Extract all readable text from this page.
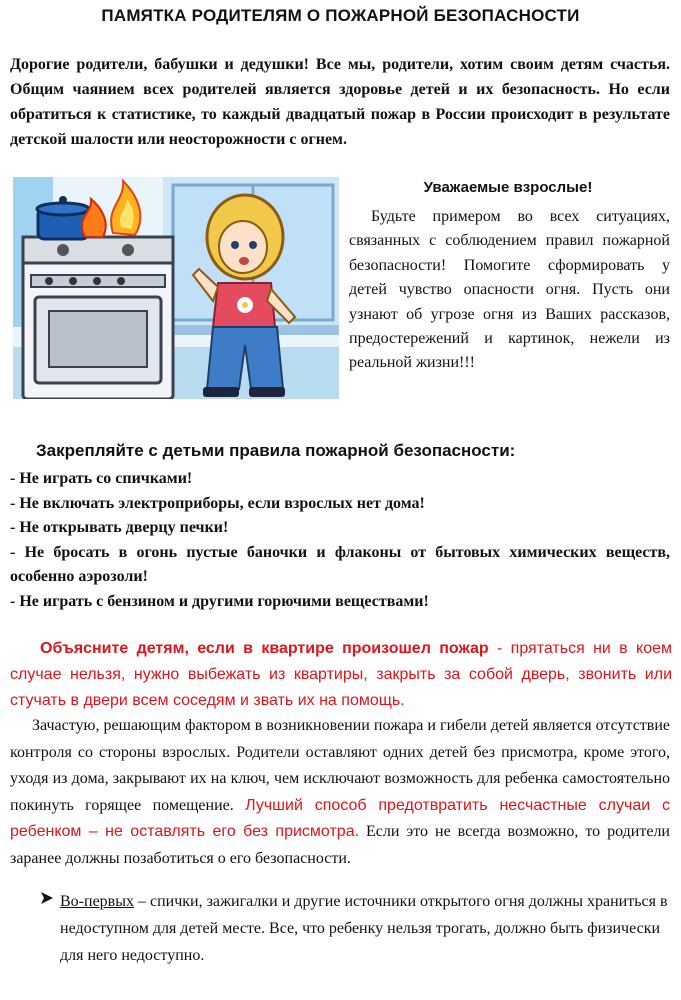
ПАМЯТКА РОДИТЕЛЯМ О ПОЖАРНОЙ БЕЗОПАСНОСТИ

Дорогие родители, бабушки и дедушки! Все мы, родители, хотим своим детям счастья. Общим чаянием всех родителей является здоровье детей и их безопасность. Но если обратиться к статистике, то каждый двадцатый пожар в России происходит в результате детской шалости или неосторожности с огнем.

Уважаемые взрослые!

Будьте примером во всех ситуациях, связанных с соблюдением правил пожарной безопасности! Помогите сформировать у детей чувство опасности огня. Пусть они узнают об угрозе огня из Ваших рассказов, предостережений и картинок, нежели из реальной жизни!!!

Закрепляйте с детьми правила пожарной безопасности:
- Не играть со спичками!
- Не включать электроприборы, если взрослых нет дома!
- Не открывать дверцу печки!
- Не бросать в огонь пустые баночки и флаконы от бытовых химических веществ, особенно аэрозоли!
- Не играть с бензином и другими горючими веществами!

Объясните детям, если в квартире произошел пожар - прятаться ни в коем случае нельзя, нужно выбежать из квартиры, закрыть за собой дверь, звонить или стучать в двери всем соседям и звать их на помощь.

Зачастую, решающим фактором в возникновении пожара и гибели детей является отсутствие контроля со стороны взрослых. Родители оставляют одних детей без присмотра, кроме этого, уходя из дома, закрывают их на ключ, чем исключают возможность для ребенка самостоятельно покинуть горящее помещение. Лучший способ предотвратить несчастные случаи с ребенком – не оставлять его без присмотра. Если это не всегда возможно, то родители заранее должны позаботиться о его безопасности.

Во-первых – спички, зажигалки и другие источники открытого огня должны храниться в недоступном для детей месте. Все, что ребенку нельзя трогать, должно быть физически для него недоступно.
